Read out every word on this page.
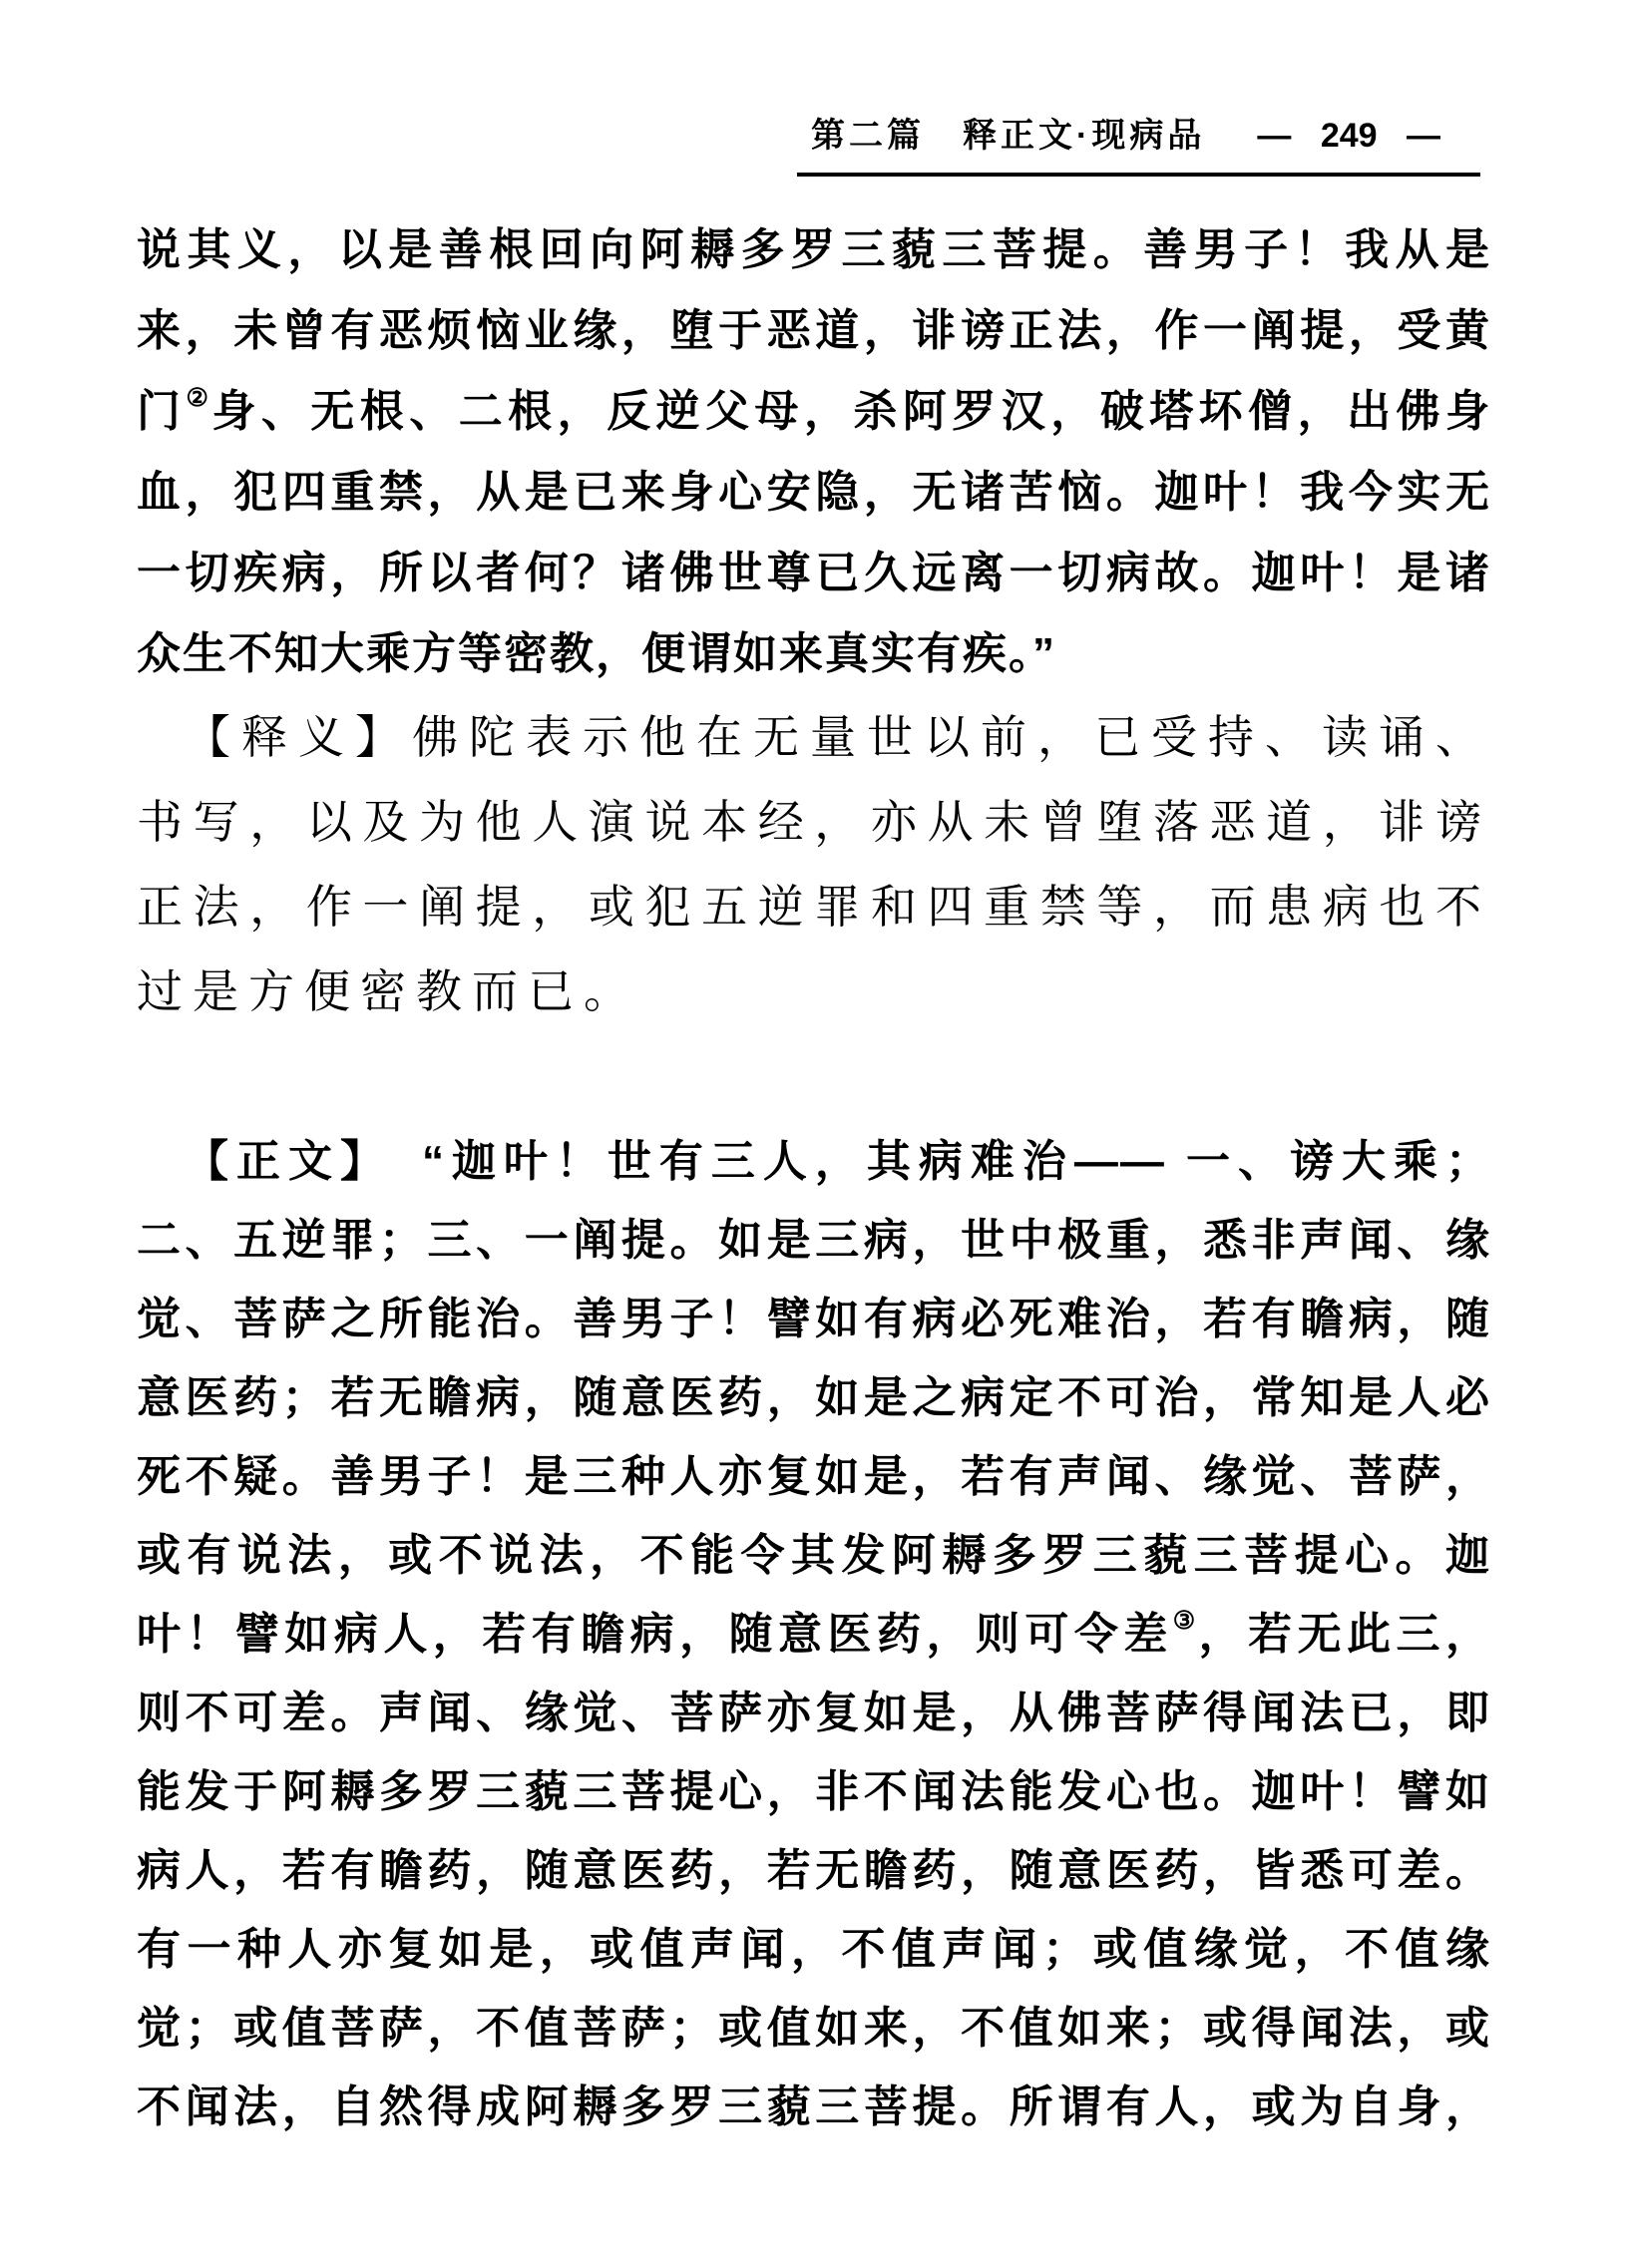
第二篇　释正文·现病品 — 249 —
说其义，以是善根回向阿耨多罗三藐三菩提。善男子！我从是
来，未曾有恶烦恼业缘，堕于恶道，诽谤正法，作一阐提，受黄
门②身、无根、二根，反逆父母，杀阿罗汉，破塔坏僧，出佛身
血，犯四重禁，从是已来身心安隐，无诸苦恼。迦叶！我今实无
一切疾病，所以者何？诸佛世尊已久远离一切病故。迦叶！是诸
众生不知大乘方等密教，便谓如来真实有疾。”
【释义】佛陀表示他在无量世以前，已受持、读诵、
书写，以及为他人演说本经，亦从未曾堕落恶道，诽谤
正法，作一阐提，或犯五逆罪和四重禁等，而患病也不
过是方便密教而已。
【正文】　“迦叶！世有三人，其病难治—— 一、谤大乘；
二、五逆罪；三、一阐提。如是三病，世中极重，悉非声闻、缘
觉、菩萨之所能治。善男子！譬如有病必死难治，若有瞻病，随
意医药；若无瞻病，随意医药，如是之病定不可治，常知是人必
死不疑。善男子！是三种人亦复如是，若有声闻、缘觉、菩萨，
或有说法，或不说法，不能令其发阿耨多罗三藐三菩提心。迦
叶！譬如病人，若有瞻病，随意医药，则可令差③，若无此三，
则不可差。声闻、缘觉、菩萨亦复如是，从佛菩萨得闻法已，即
能发于阿耨多罗三藐三菩提心，非不闻法能发心也。迦叶！譬如
病人，若有瞻药，随意医药，若无瞻药，随意医药，皆悉可差。
有一种人亦复如是，或值声闻，不值声闻；或值缘觉，不值缘
觉；或值菩萨，不值菩萨；或值如来，不值如来；或得闻法，或
不闻法，自然得成阿耨多罗三藐三菩提。所谓有人，或为自身，
